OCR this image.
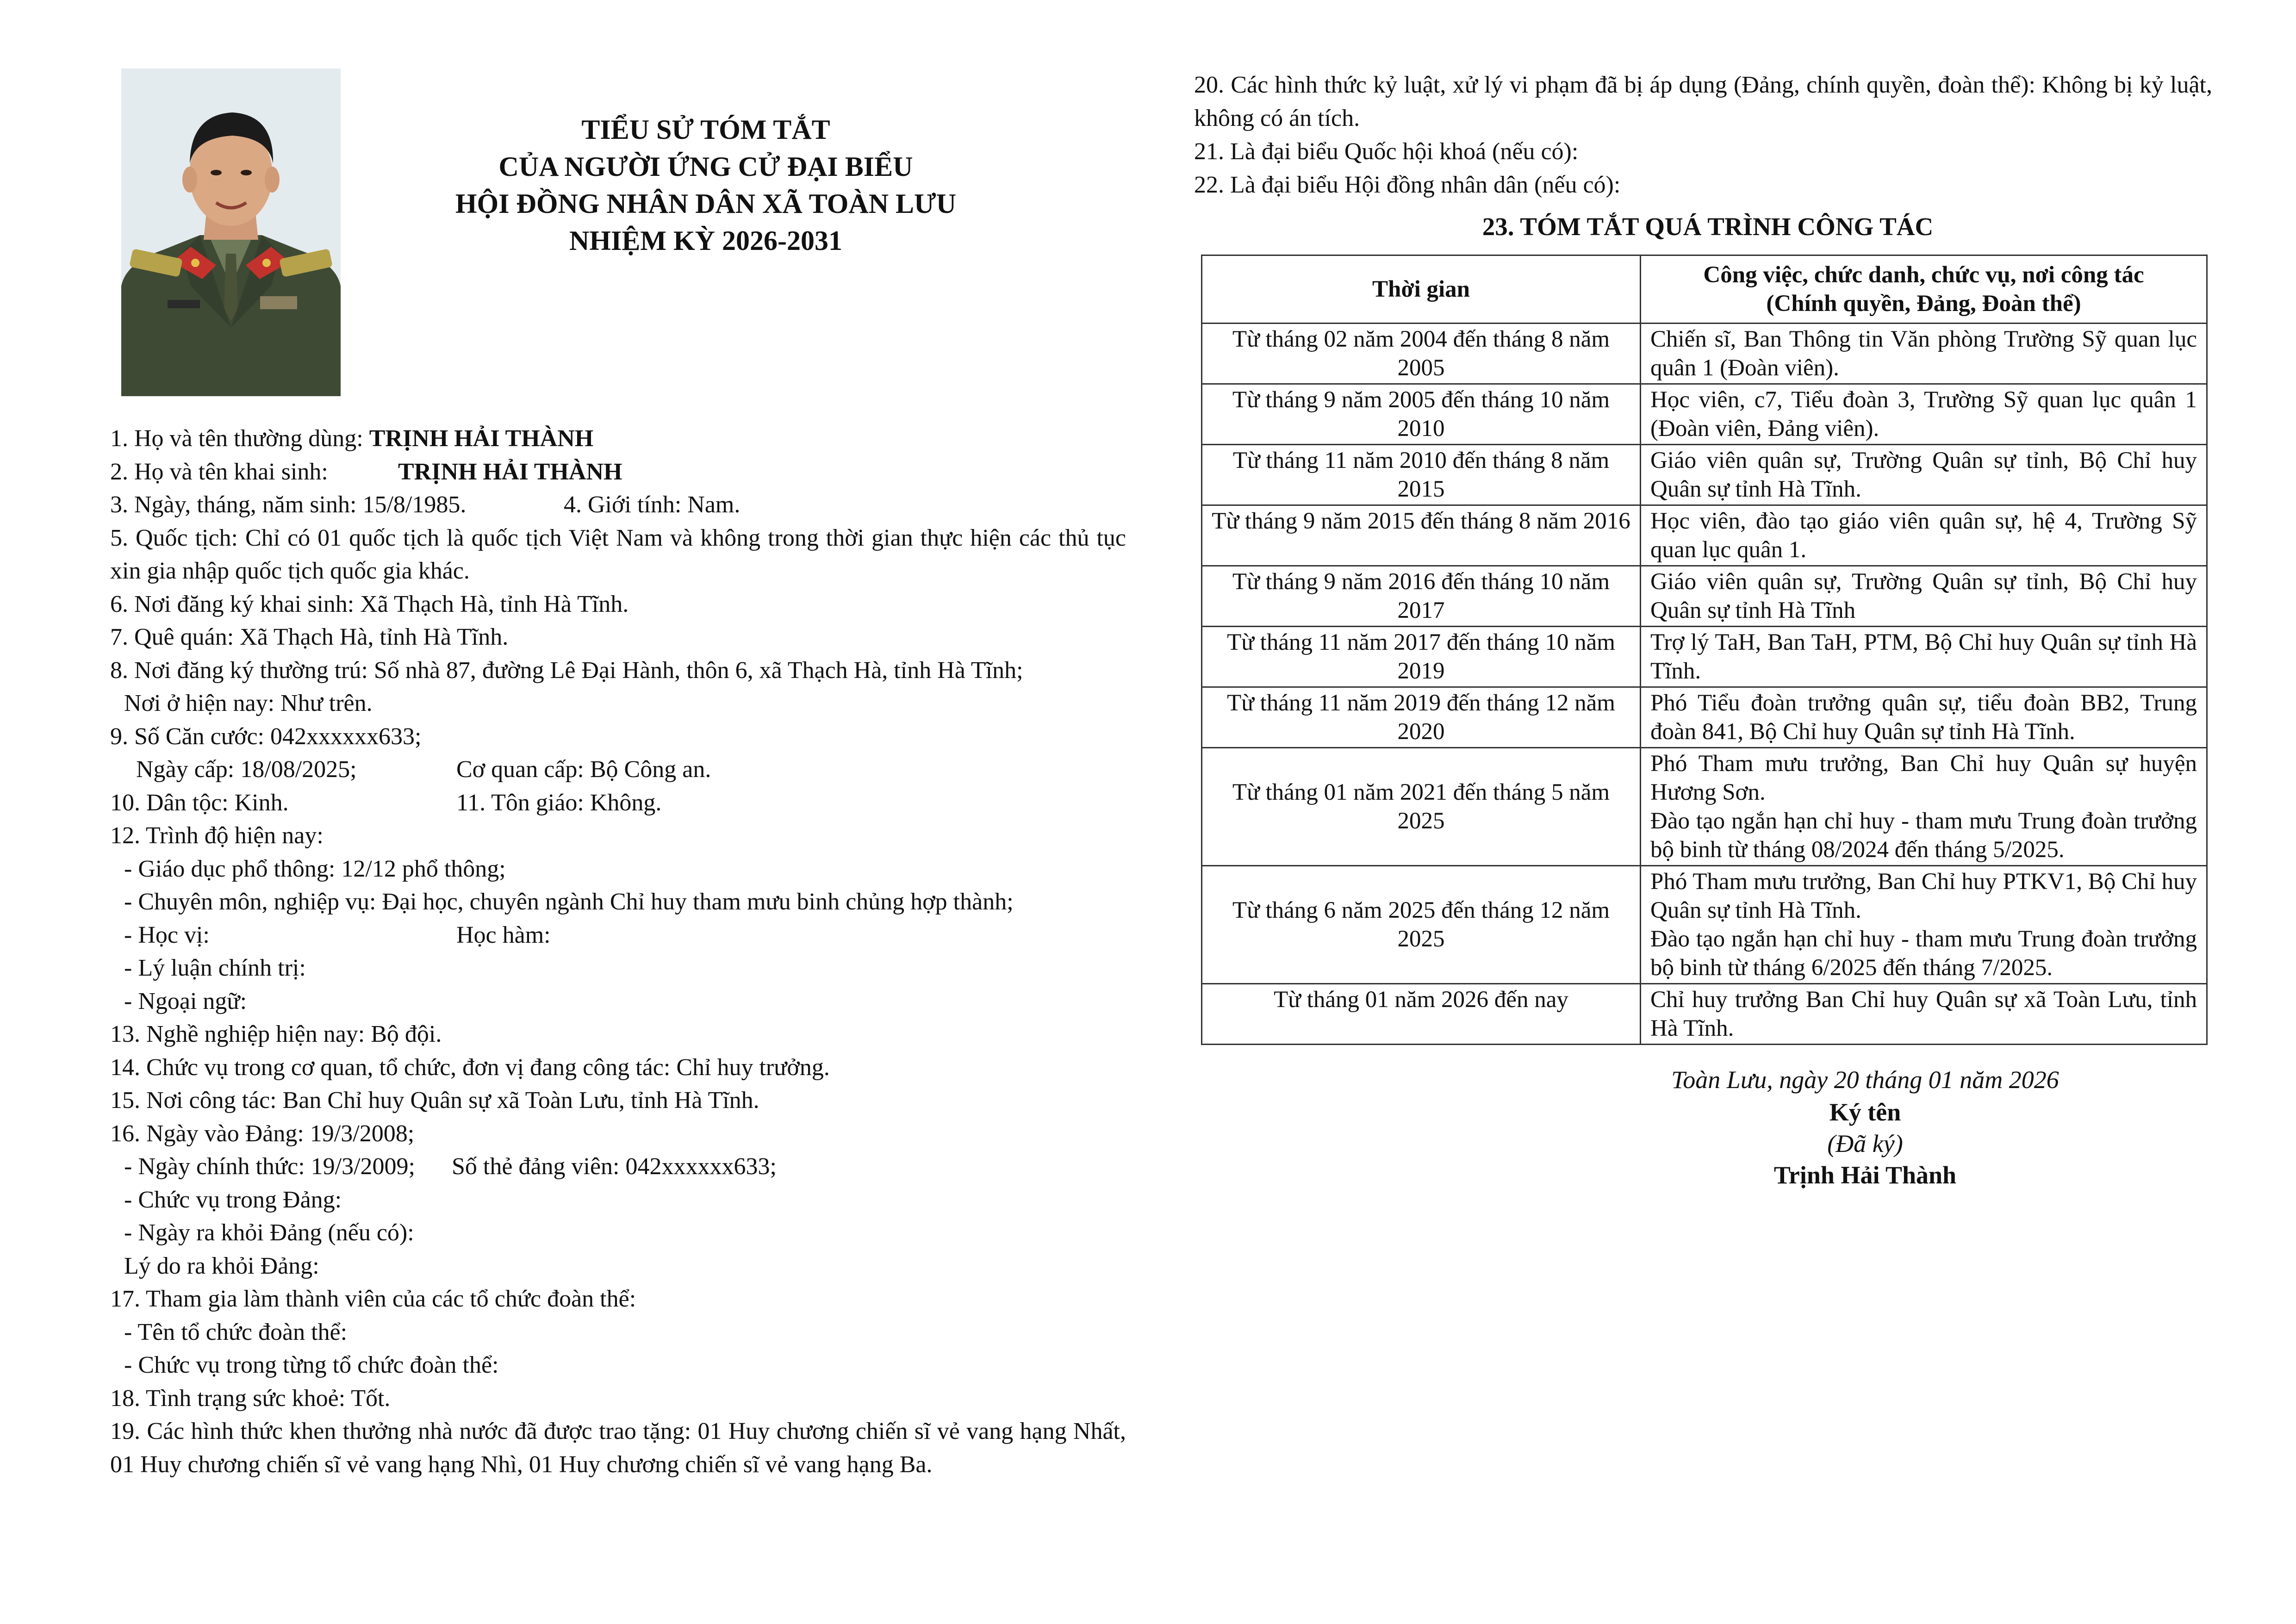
TIỂU SỬ TÓM TẮT
CỦA NGƯỜI ỨNG CỬ ĐẠI BIỂU
HỘI ĐỒNG NHÂN DÂN XÃ TOÀN LƯU
NHIỆM KỲ 2026-2031
1. Họ và tên thường dùng: TRỊNH HẢI THÀNH
2. Họ và tên khai sinh:	TRỊNH HẢI THÀNH
3. Ngày, tháng, năm sinh: 15/8/1985.	4. Giới tính: Nam.
5. Quốc tịch: Chỉ có 01 quốc tịch là quốc tịch Việt Nam và không trong thời gian thực hiện các thủ tục xin gia nhập quốc tịch quốc gia khác.
6. Nơi đăng ký khai sinh: Xã Thạch Hà, tỉnh Hà Tĩnh.
7. Quê quán: Xã Thạch Hà, tỉnh Hà Tĩnh.
8. Nơi đăng ký thường trú: Số nhà 87, đường Lê Đại Hành, thôn 6, xã Thạch Hà, tỉnh Hà Tĩnh;
Nơi ở hiện nay: Như trên.
9. Số Căn cước: 042xxxxxx633;
Ngày cấp: 18/08/2025;	Cơ quan cấp: Bộ Công an.
10. Dân tộc: Kinh.	11. Tôn giáo: Không.
12. Trình độ hiện nay:
- Giáo dục phổ thông: 12/12 phổ thông;
- Chuyên môn, nghiệp vụ: Đại học, chuyên ngành Chỉ huy tham mưu binh chủng hợp thành;
- Học vị:	Học hàm:
- Lý luận chính trị:
- Ngoại ngữ:
13. Nghề nghiệp hiện nay: Bộ đội.
14. Chức vụ trong cơ quan, tổ chức, đơn vị đang công tác: Chỉ huy trưởng.
15. Nơi công tác: Ban Chỉ huy Quân sự xã Toàn Lưu, tỉnh Hà Tĩnh.
16. Ngày vào Đảng: 19/3/2008;
- Ngày chính thức: 19/3/2009; Số thẻ đảng viên: 042xxxxxx633;
- Chức vụ trong Đảng:
- Ngày ra khỏi Đảng (nếu có):
Lý do ra khỏi Đảng:
17. Tham gia làm thành viên của các tổ chức đoàn thể:
- Tên tổ chức đoàn thể:
- Chức vụ trong từng tổ chức đoàn thể:
18. Tình trạng sức khoẻ: Tốt.
19. Các hình thức khen thưởng nhà nước đã được trao tặng: 01 Huy chương chiến sĩ vẻ vang hạng Nhất, 01 Huy chương chiến sĩ vẻ vang hạng Nhì, 01 Huy chương chiến sĩ vẻ vang hạng Ba.
20. Các hình thức kỷ luật, xử lý vi phạm đã bị áp dụng (Đảng, chính quyền, đoàn thể): Không bị kỷ luật, không có án tích.
21. Là đại biểu Quốc hội khoá (nếu có):
22. Là đại biểu Hội đồng nhân dân (nếu có):
23. TÓM TẮT QUÁ TRÌNH CÔNG TÁC
Thời gian	Công việc, chức danh, chức vụ, nơi công tác
(Chính quyền, Đảng, Đoàn thể)

Từ tháng 02 năm 2004 đến tháng 8 năm 2005	Chiến sĩ, Ban Thông tin Văn phòng Trường Sỹ quan lục quân 1 (Đoàn viên).
Từ tháng 9 năm 2005 đến tháng 10 năm 2010	Học viên, c7, Tiểu đoàn 3, Trường Sỹ quan lục quân 1 (Đoàn viên, Đảng viên).
Từ tháng 11 năm 2010 đến tháng 8 năm 2015	Giáo viên quân sự, Trường Quân sự tỉnh, Bộ Chỉ huy Quân sự tỉnh Hà Tĩnh.
Từ tháng 9 năm 2015 đến tháng 8 năm 2016	Học viên, đào tạo giáo viên quân sự, hệ 4, Trường Sỹ quan lục quân 1.
Từ tháng 9 năm 2016 đến tháng 10 năm 2017	Giáo viên quân sự, Trường Quân sự tỉnh, Bộ Chỉ huy Quân sự tỉnh Hà Tĩnh
Từ tháng 11 năm 2017 đến tháng 10 năm 2019	Trợ lý TaH, Ban TaH, PTM, Bộ Chỉ huy Quân sự tỉnh Hà Tĩnh.
Từ tháng 11 năm 2019 đến tháng 12 năm 2020	Phó Tiểu đoàn trưởng quân sự, tiểu đoàn BB2, Trung đoàn 841, Bộ Chỉ huy Quân sự tỉnh Hà Tĩnh.
Từ tháng 01 năm 2021 đến tháng 5 năm 2025	Phó Tham mưu trưởng, Ban Chỉ huy Quân sự huyện Hương Sơn.
Đào tạo ngắn hạn chỉ huy - tham mưu Trung đoàn trưởng bộ binh từ tháng 08/2024 đến tháng 5/2025.

Từ tháng 6 năm 2025 đến tháng 12 năm 2025	Phó Tham mưu trưởng, Ban Chỉ huy PTKV1, Bộ Chỉ huy Quân sự tỉnh Hà Tĩnh.
Đào tạo ngắn hạn chỉ huy - tham mưu Trung đoàn trưởng bộ binh từ tháng 6/2025 đến tháng 7/2025.

Từ tháng 01 năm 2026 đến nay	Chỉ huy trưởng Ban Chỉ huy Quân sự xã Toàn Lưu, tỉnh Hà Tĩnh.
Toàn Lưu, ngày 20 tháng 01 năm 2026
Ký tên
(Đã ký)
Trịnh Hải Thành
